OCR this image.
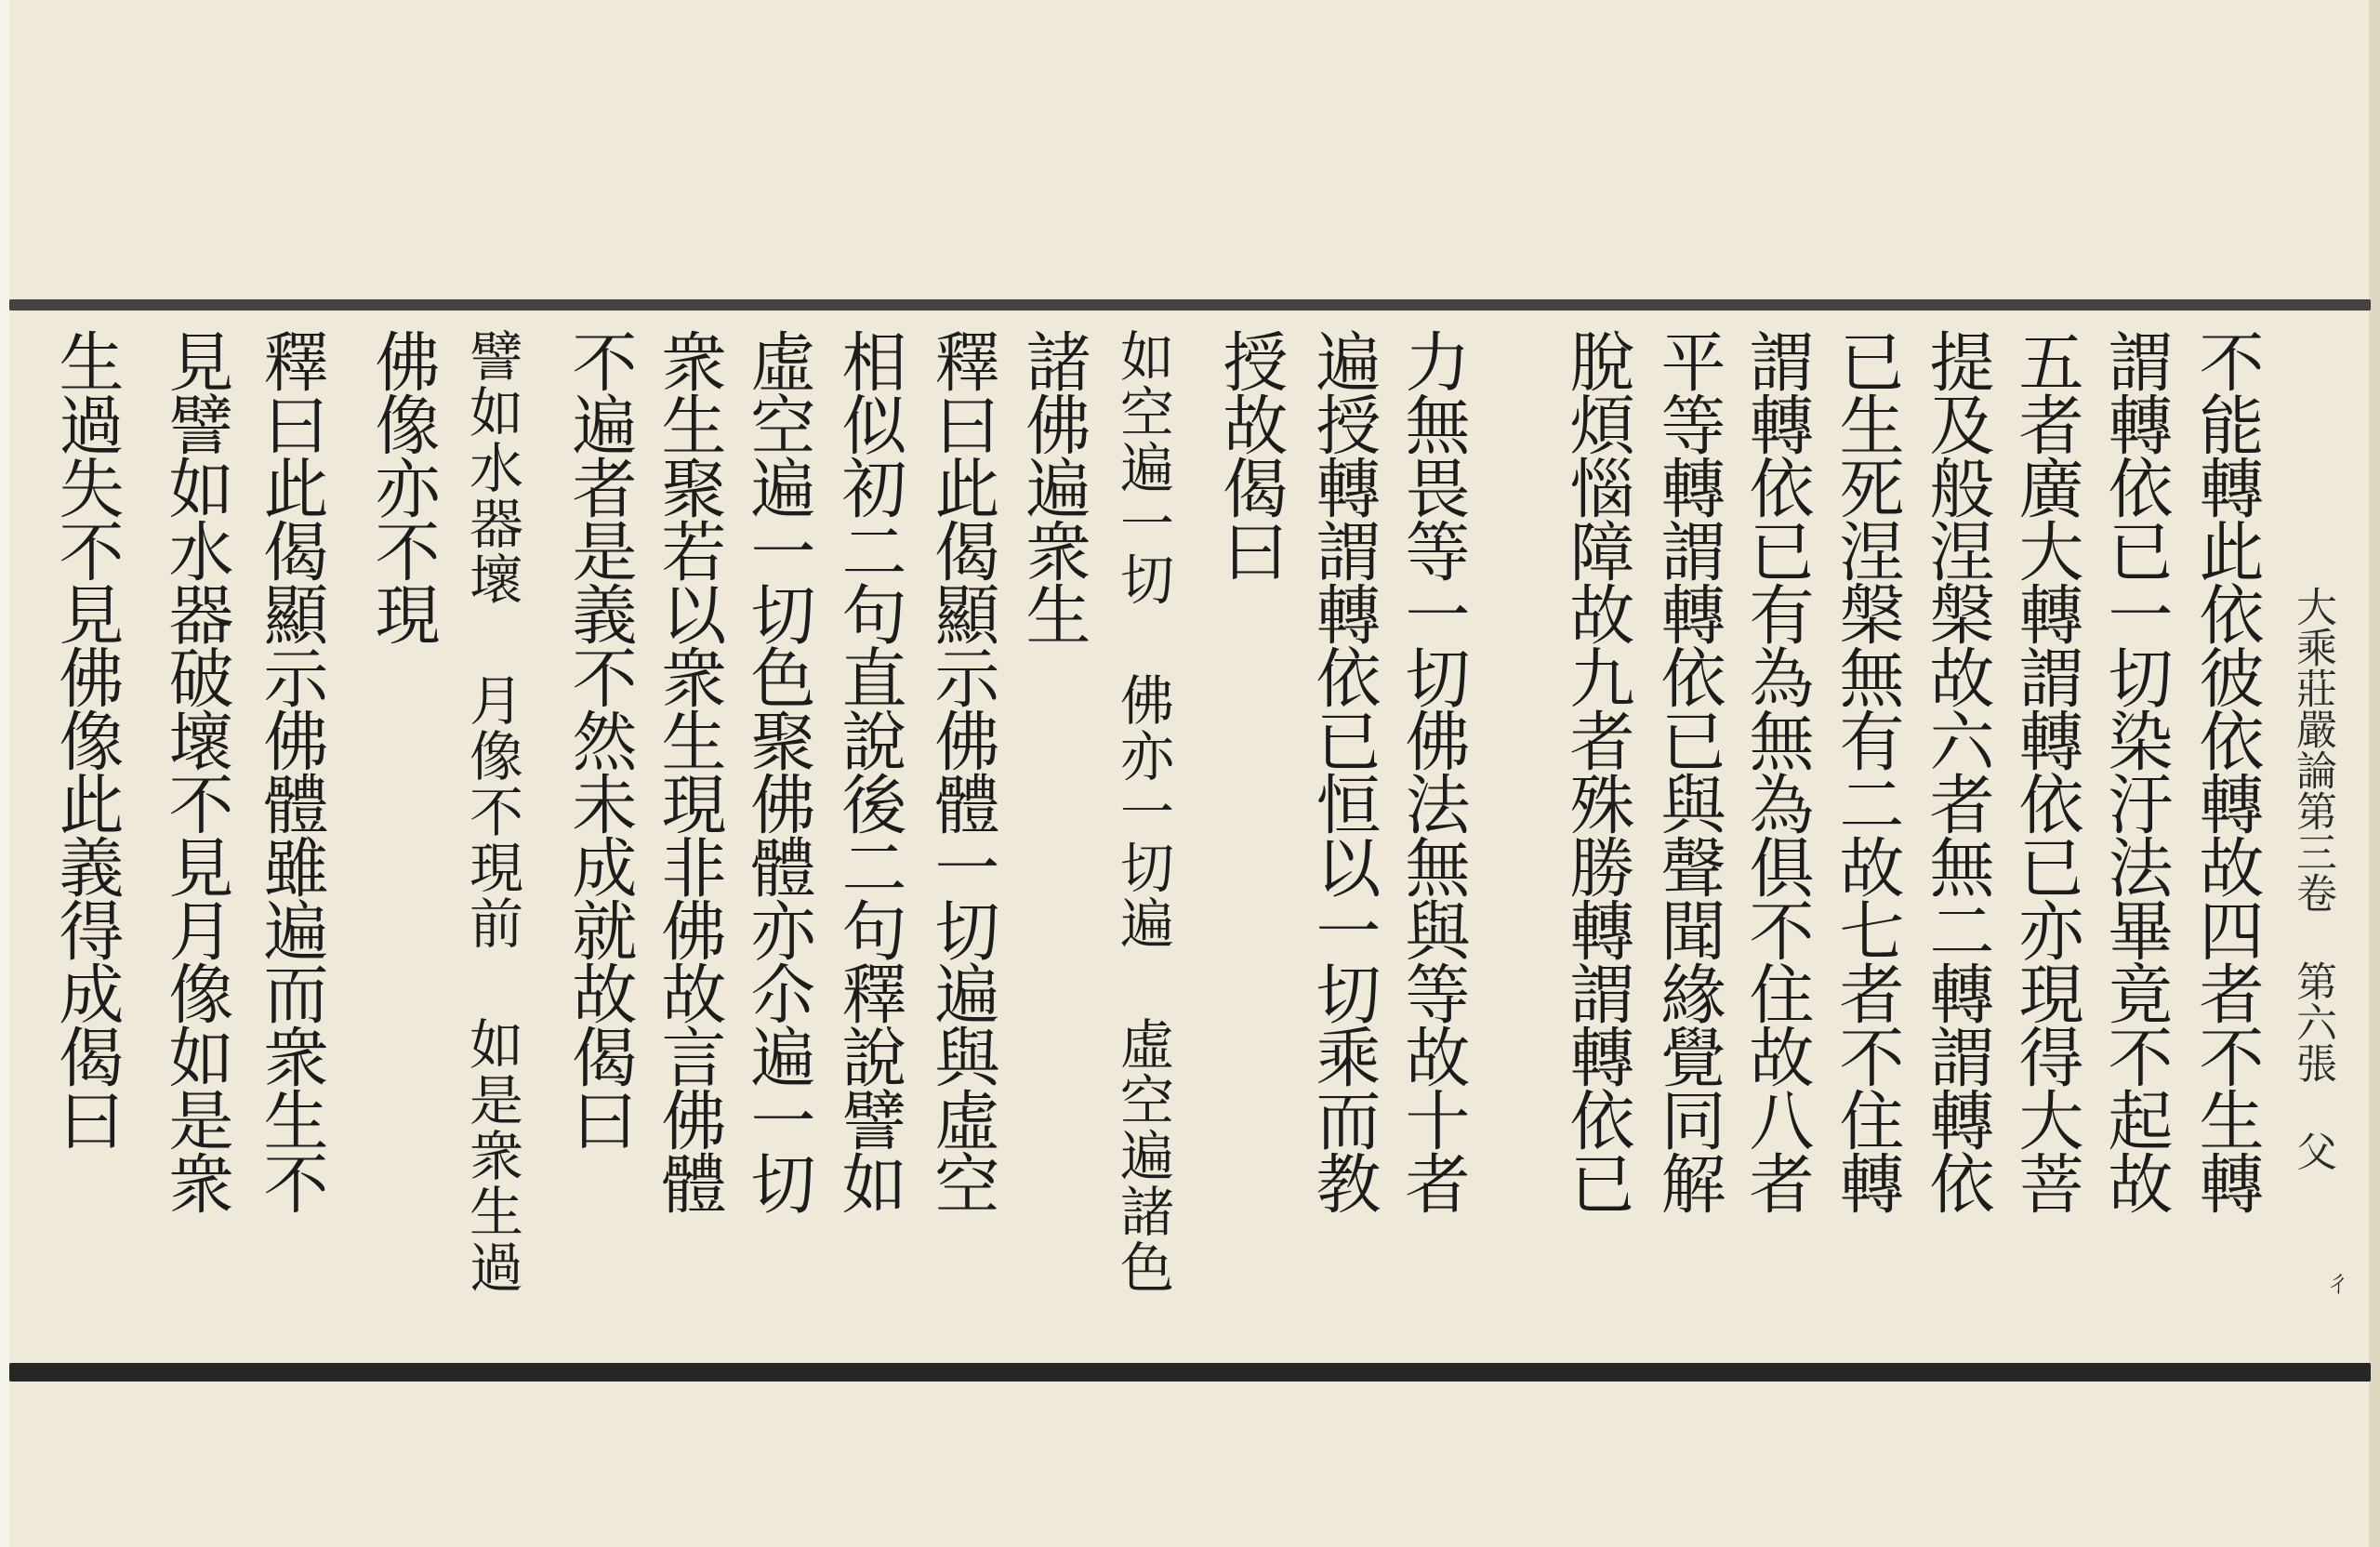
大乘莊嚴論第三卷 第六張 父
ㄔ
不能轉此依彼依轉故四者不生轉
謂轉依已一切染汙法畢竟不起故
五者廣大轉謂轉依已亦現得大菩
提及般涅槃故六者無二轉謂轉依
已生死涅槃無有二故七者不住轉
謂轉依已有為無為俱不住故八者
平等轉謂轉依已與聲聞緣覺同解
脫煩惱障故九者殊勝轉謂轉依已
力無畏等一切佛法無與等故十者
遍授轉謂轉依已恒以一切乘而教
授故偈曰
如空遍一切 佛亦一切遍 虛空遍諸色
諸佛遍衆生
釋曰此偈顯示佛體一切遍與虛空
相似初二句直說後二句釋說譬如
虛空遍一切色聚佛體亦尒遍一切
衆生聚若以衆生現非佛故言佛體
不遍者是義不然未成就故偈曰
譬如水器壞 月像不現前 如是衆生過
佛像亦不現
釋曰此偈顯示佛體雖遍而衆生不
見譬如水器破壞不見月像如是衆
生過失不見佛像此義得成偈曰
